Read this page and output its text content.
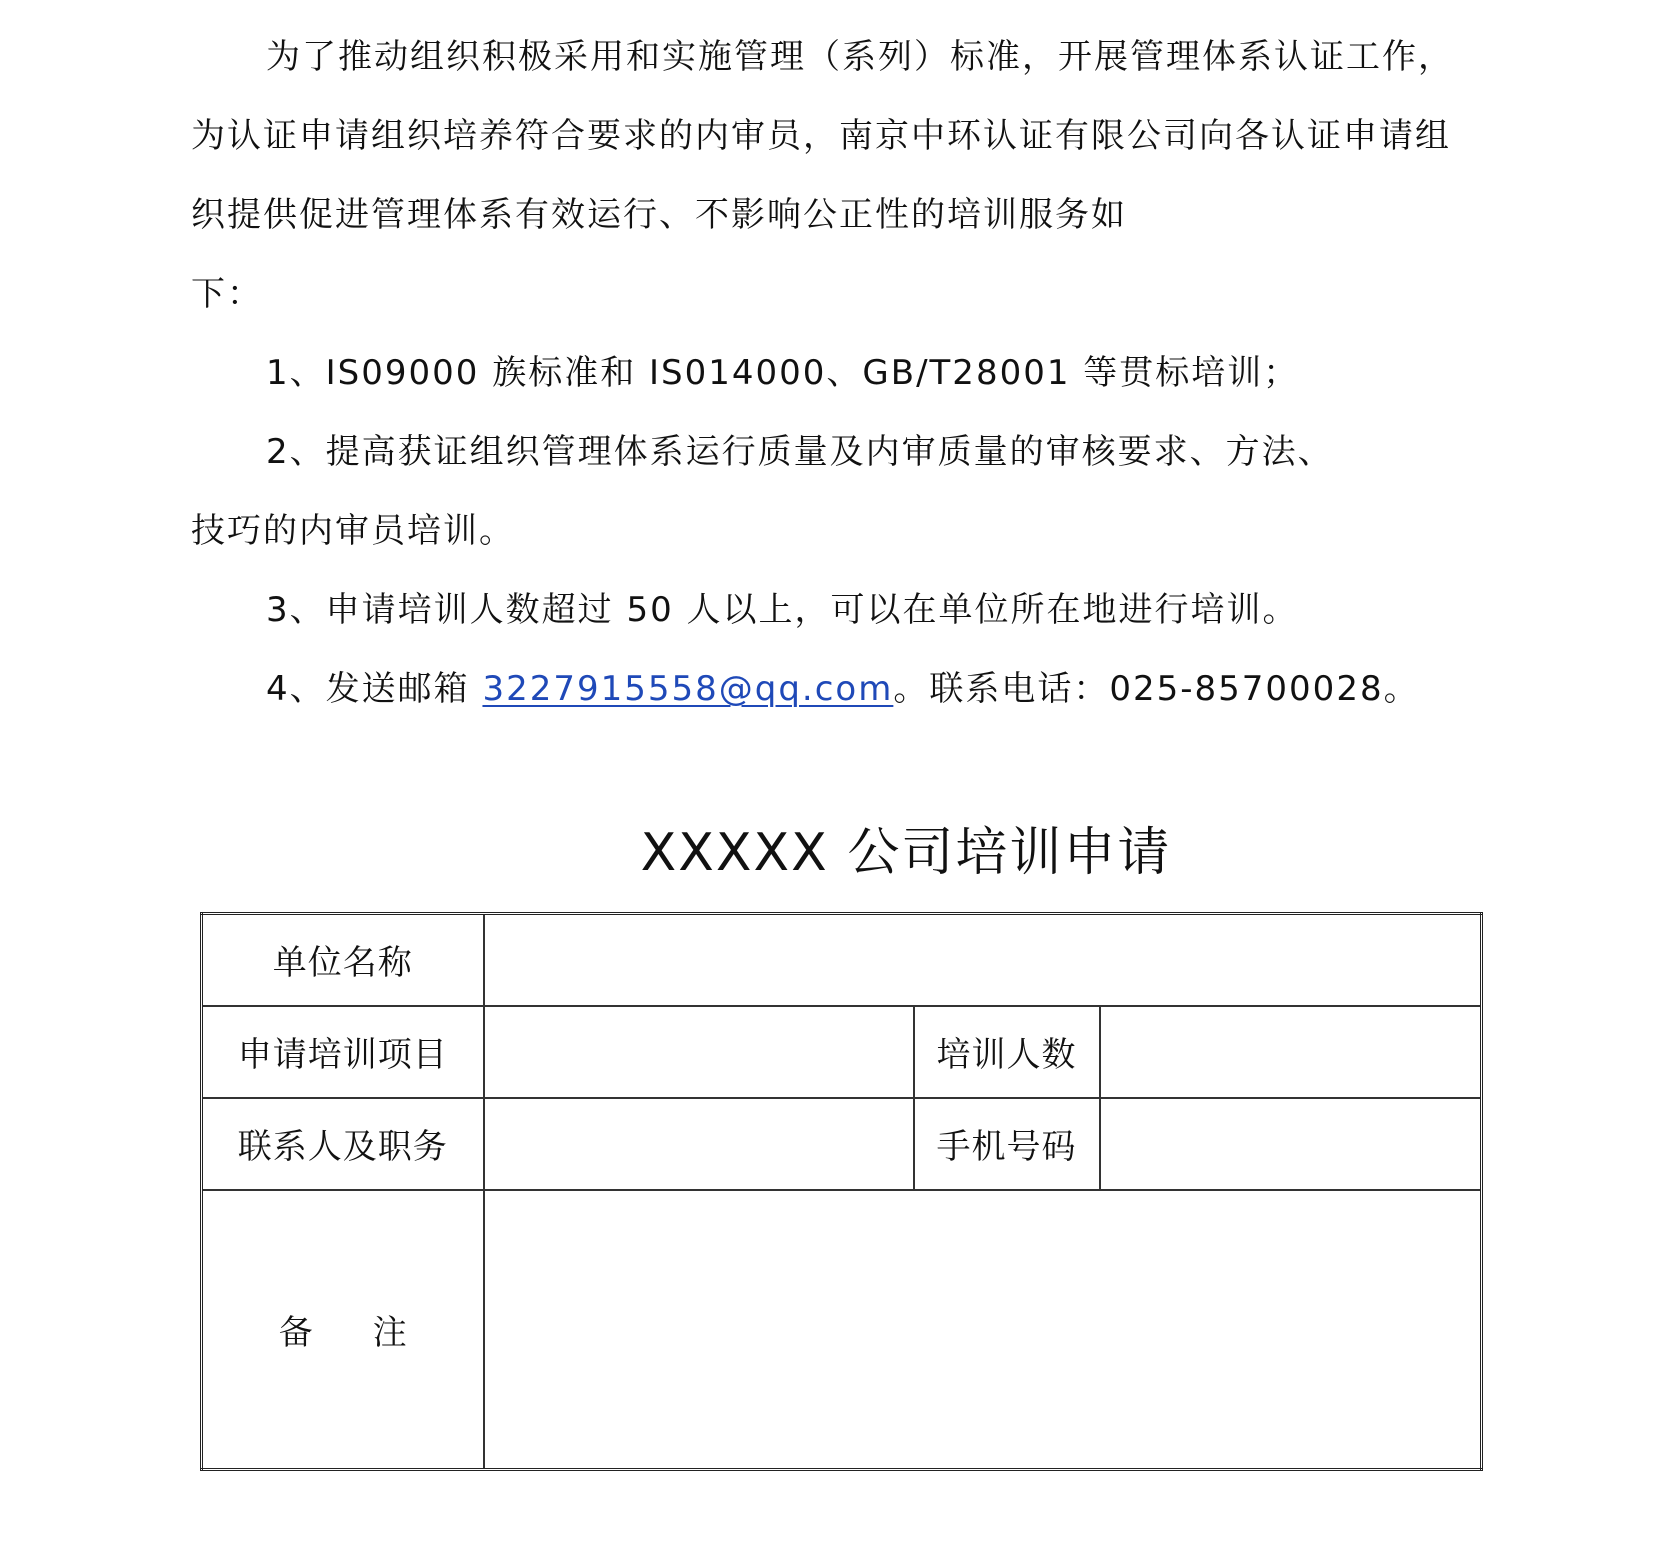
为了推动组织积极采用和实施管理（系列）标准，开展管理体系认证工作，为认证申请组织培养符合要求的内审员，南京中环认证有限公司向各认证申请组织提供促进管理体系有效运行、不影响公正性的培训服务如

下：

1、IS09000 族标准和 IS014000、GB/T28001 等贯标培训；

2、提高获证组织管理体系运行质量及内审质量的审核要求、方法、

技巧的内审员培训。

3、申请培训人数超过 50 人以上，可以在单位所在地进行培训。

4、发送邮箱 3227915558@qq.com。联系电话：025-85700028。

XXXXX 公司培训申请
单位名称			
申请培训项目		培训人数	
联系人及职务		手机号码	
备注			
